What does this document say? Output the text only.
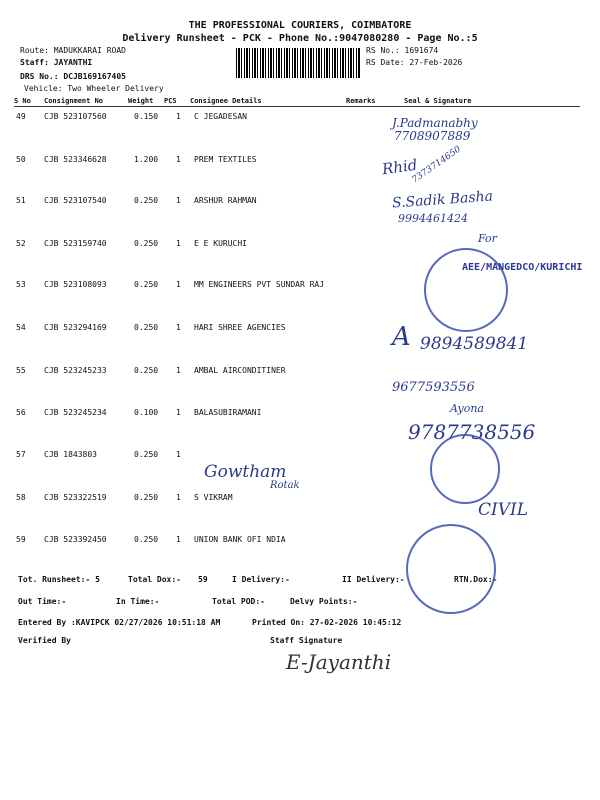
THE PROFESSIONAL COURIERS, COIMBATORE
Delivery Runsheet - PCK - Phone No.:9047080280 - Page No.:5
Route: MADUKKARAI ROAD
Staff: JAYANTHI
DRS No.: DCJB169167405
Vehicle: Two Wheeler Delivery
RS No.: 1691674
RS Date: 27-Feb-2026
S No Consignment No	Weight PCS Consignee Details	Remarks	Seal & Signature
49 CJB 523107560	0.150 1 C JEGADESAN
50 CJB 523346628	1.200 1 PREM TEXTILES
51 CJB 523107540	0.250 1 ARSHUR RAHMAN
52 CJB 523159740	0.250 1 E E KURUCHI
53 CJB 523108093	0.250 1 MM ENGINEERS PVT SUNDAR RAJ
54 CJB 523294169	0.250 1 HARI SHREE AGENCIES
55 CJB 523245233	0.250 1 AMBAL AIRCONDITINER
56 CJB 523245234	0.100 1 BALASUBIRAMANI
57 CJB 1843803	0.250 1
58 CJB 523322519	0.250 1 S VIKRAM
59 CJB 523392450	0.250 1 UNION BANK OFI NDIA
J.Padmanabhy
7708907889
Rhid
7373714650
S.Sadik Basha
9994461424
For
AEE/MANGEDCO/KURICHI
A 9894589841
9677593556
Ayona
9787738556
Gowtham
Rotak
CIVIL
Tot. Runsheet:- 5	Total Dox:- 59	I Delivery:-	II Delivery:-	RTN.Dox:-
Out Time:-	In Time:-	Total POD:-	Delvy Points:-
Entered By :KAVIPCK 02/27/2026 10:51:18 AM	Printed On: 27-02-2026 10:45:12
Verified By	Staff Signature
E-Jayanthi
